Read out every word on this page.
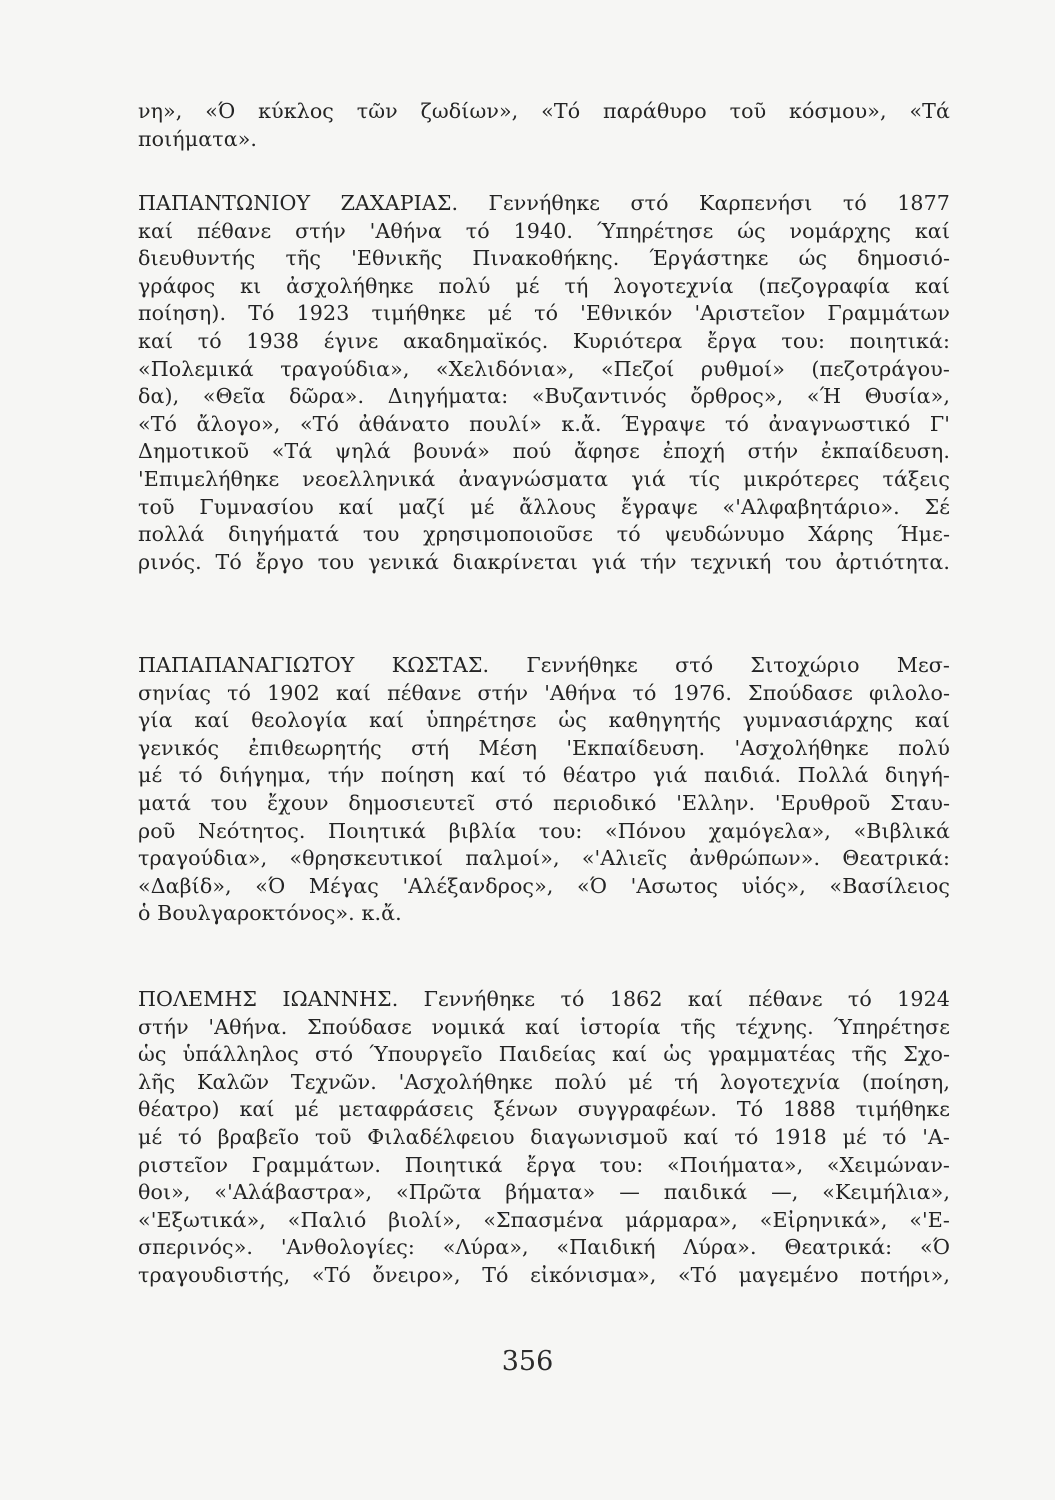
νη», «Ό κύκλος τῶν ζωδίων», «Τό παράθυρο τοῦ κόσμου», «Τά
ποιήματα».
ΠΑΠΑΝΤΩΝΙΟΥ ΖΑΧΑΡΙΑΣ. Γεννήθηκε στό Καρπενήσι τό 1877
καί πέθανε στήν 'Αθήνα τό 1940. Ύπηρέτησε ώς νομάρχης καί
διευθυντής τῆς 'Εθνικῆς Πινακοθήκης. Έργάστηκε ώς δημοσιό-
γράφος κι ἀσχολήθηκε πολύ μέ τή λογοτεχνία (πεζογραφία καί
ποίηση). Τό 1923 τιμήθηκε μέ τό 'Εθνικόν 'Αριστεῖον Γραμμάτων
καί τό 1938 έγινε ακαδημαϊκός. Κυριότερα ἔργα του: ποιητικά:
«Πολεμικά τραγούδια», «Χελιδόνια», «Πεζοί ρυθμοί» (πεζοτράγου-
δα), «Θεῖα δῶρα». Διηγήματα: «Βυζαντινός ὄρθρος», «Ή Θυσία»,
«Τό ἄλογο», «Τό ἀθάνατο πουλί» κ.ἄ. Έγραψε τό ἀναγνωστικό Γ'
Δημοτικοῦ «Τά ψηλά βουνά» πού ἄφησε ἐποχή στήν ἐκπαίδευση.
'Επιμελήθηκε νεοελληνικά ἀναγνώσματα γιά τίς μικρότερες τάξεις
τοῦ Γυμνασίου καί μαζί μέ ἄλλους ἔγραψε «'Αλφαβητάριο». Σέ
πολλά διηγήματά του χρησιμοποιοῦσε τό ψευδώνυμο Χάρης Ήμε-
ρινός. Τό ἔργο του γενικά διακρίνεται γιά τήν τεχνική του ἀρτιότητα.
ΠΑΠΑΠΑΝΑΓΙΩΤΟΥ ΚΩΣΤΑΣ. Γεννήθηκε στό Σιτοχώριο Μεσ-
σηνίας τό 1902 καί πέθανε στήν 'Αθήνα τό 1976. Σπούδασε φιλολο-
γία καί θεολογία καί ὑπηρέτησε ὡς καθηγητής γυμνασιάρχης καί
γενικός ἐπιθεωρητής στή Μέση 'Εκπαίδευση. 'Ασχολήθηκε πολύ
μέ τό διήγημα, τήν ποίηση καί τό θέατρο γιά παιδιά. Πολλά διηγή-
ματά του ἔχουν δημοσιευτεῖ στό περιοδικό 'Ελλην. 'Ερυθροῦ Σταυ-
ροῦ Νεότητος. Ποιητικά βιβλία του: «Πόνου χαμόγελα», «Βιβλικά
τραγούδια», «θρησκευτικοί παλμοί», «'Αλιεῖς ἀνθρώπων». Θεατρικά:
«Δαβίδ», «Ό Μέγας 'Αλέξανδρος», «Ό 'Ασωτος υἱός», «Βασίλειος
ὁ Βουλγαροκτόνος». κ.ἄ.
ΠΟΛΕΜΗΣ ΙΩΑΝΝΗΣ. Γεννήθηκε τό 1862 καί πέθανε τό 1924
στήν 'Αθήνα. Σπούδασε νομικά καί ἱστορία τῆς τέχνης. Ύπηρέτησε
ὡς ὑπάλληλος στό Ύπουργεῖο Παιδείας καί ὡς γραμματέας τῆς Σχο-
λῆς Καλῶν Τεχνῶν. 'Ασχολήθηκε πολύ μέ τή λογοτεχνία (ποίηση,
θέατρο) καί μέ μεταφράσεις ξένων συγγραφέων. Τό 1888 τιμήθηκε
μέ τό βραβεῖο τοῦ Φιλαδέλφειου διαγωνισμοῦ καί τό 1918 μέ τό 'Α-
ριστεῖον Γραμμάτων. Ποιητικά ἔργα του: «Ποιήματα», «Χειμώναν-
θοι», «'Αλάβαστρα», «Πρῶτα βήματα» — παιδικά —, «Κειμήλια»,
«'Εξωτικά», «Παλιό βιολί», «Σπασμένα μάρμαρα», «Εἰρηνικά», «'Ε-
σπερινός». 'Ανθολογίες: «Λύρα», «Παιδική Λύρα». Θεατρικά: «Ό
τραγουδιστής, «Τό ὄνειρο», Τό εἰκόνισμα», «Τό μαγεμένο ποτήρι»,
356
